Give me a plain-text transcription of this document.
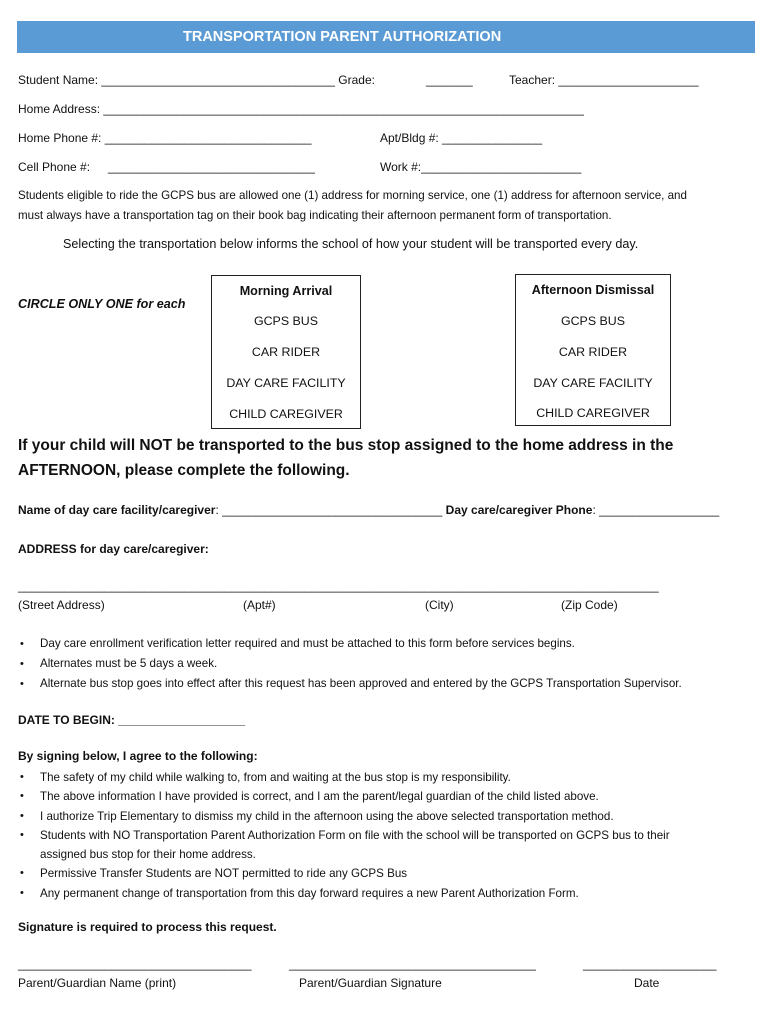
TRANSPORTATION PARENT AUTHORIZATION
Student Name: ___________________________________ Grade:	_______	Teacher: _____________________
Home Address: ________________________________________________________________________
Home Phone #: _______________________________	Apt/Bldg #: _______________
Cell Phone #: _______________________________	Work #:________________________
Students eligible to ride the GCPS bus are allowed one (1) address for morning service, one (1) address for afternoon service, and
must always have a transportation tag on their book bag indicating their afternoon permanent form of transportation.
Selecting the transportation below informs the school of how your student will be transported every day.
CIRCLE ONLY ONE for each
Morning Arrival
GCPS BUS
CAR RIDER
DAY CARE FACILITY
CHILD CAREGIVER
Afternoon Dismissal
GCPS BUS
CAR RIDER
DAY CARE FACILITY
CHILD CAREGIVER
If your child will NOT be transported to the bus stop assigned to the home address in the
AFTERNOON, please complete the following.
Name of day care facility/caregiver: _________________________________ Day care/caregiver Phone: __________________
ADDRESS for day care/caregiver:
________________________________________________________________________________________________
(Street Address)	(Apt#)	(City)	(Zip Code)
• Day care enrollment verification letter required and must be attached to this form before services begins.
• Alternates must be 5 days a week.
• Alternate bus stop goes into effect after this request has been approved and entered by the GCPS Transportation Supervisor.
DATE TO BEGIN: ___________________
By signing below, I agree to the following:
• The safety of my child while walking to, from and waiting at the bus stop is my responsibility.
• The above information I have provided is correct, and I am the parent/legal guardian of the child listed above.
• I authorize Trip Elementary to dismiss my child in the afternoon using the above selected transportation method.
• Students with NO Transportation Parent Authorization Form on file with the school will be transported on GCPS bus to their
assigned bus stop for their home address.
• Permissive Transfer Students are NOT permitted to ride any GCPS Bus
• Any permanent change of transportation from this day forward requires a new Parent Authorization Form.
Signature is required to process this request.
___________________________________	_____________________________________	____________________
Parent/Guardian Name (print)	Parent/Guardian Signature	Date
